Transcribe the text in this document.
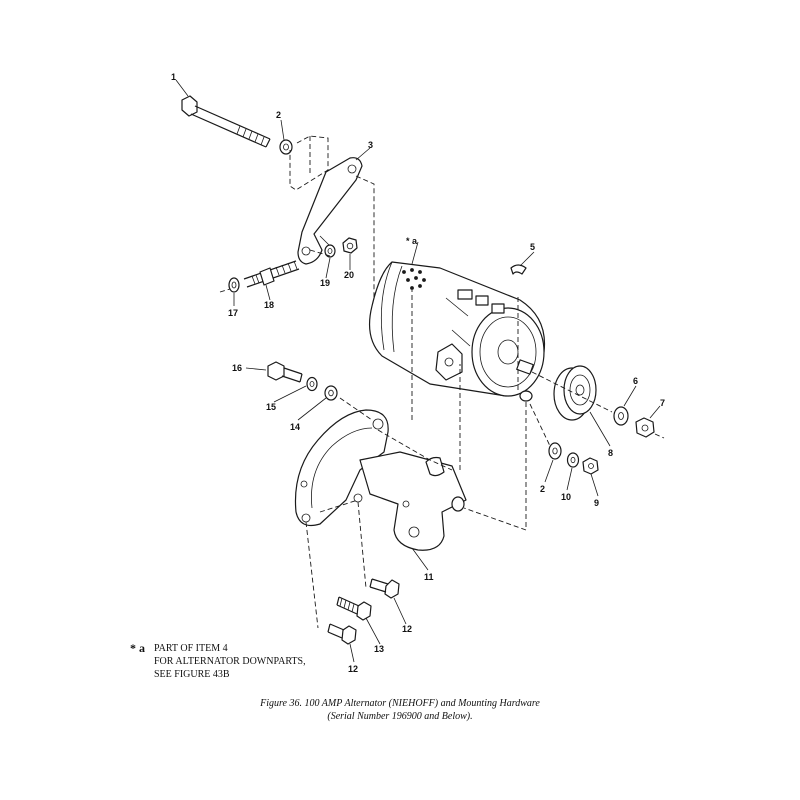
1
2
3
* a
5
6
7
8
2
10
9
11
12
13
12
14
15
16
17
18
19
20
* a PART OF ITEM 4
FOR ALTERNATOR DOWNPARTS,
SEE FIGURE 43B
Figure 36. 100 AMP Alternator (NIEHOFF) and Mounting Hardware
(Serial Number 196900 and Below).
